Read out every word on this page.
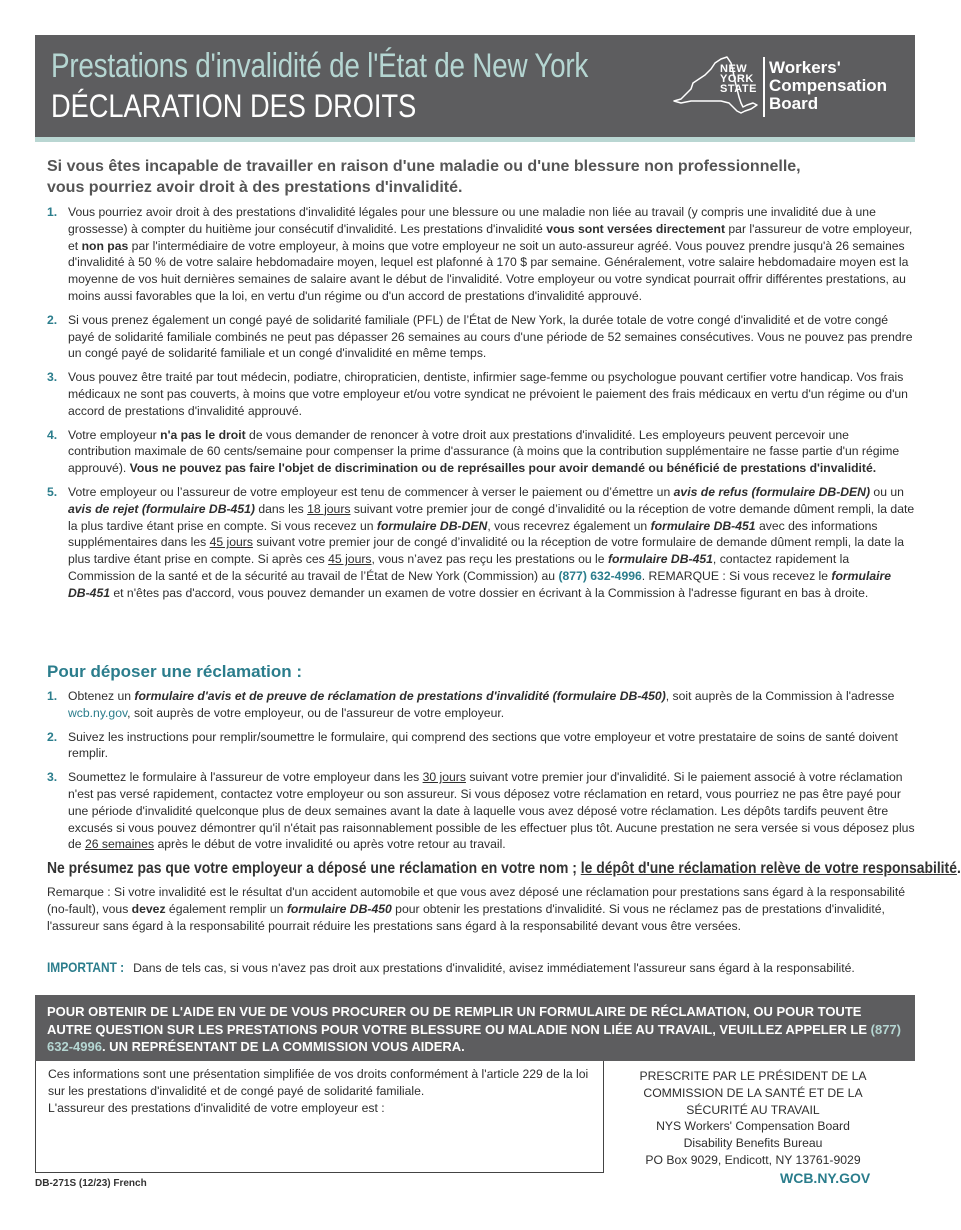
Prestations d'invalidité de l'État de New York
DÉCLARATION DES DROITS
NEW
YORK
STATE
Workers'
Compensation
Board
Si vous êtes incapable de travailler en raison d'une maladie ou d'une blessure non professionnelle,
vous pourriez avoir droit à des prestations d'invalidité.
1. Vous pourriez avoir droit à des prestations d'invalidité légales pour une blessure ou une maladie non liée au travail (y compris une invalidité due à une grossesse) à compter du huitième jour consécutif d'invalidité. Les prestations d'invalidité vous sont versées directement par l'assureur de votre employeur, et non pas par l'intermédiaire de votre employeur, à moins que votre employeur ne soit un auto-assureur agréé. Vous pouvez prendre jusqu'à 26 semaines d'invalidité à 50 % de votre salaire hebdomadaire moyen, lequel est plafonné à 170 $ par semaine. Généralement, votre salaire hebdomadaire moyen est la moyenne de vos huit dernières semaines de salaire avant le début de l'invalidité. Votre employeur ou votre syndicat pourrait offrir différentes prestations, au moins aussi favorables que la loi, en vertu d'un régime ou d'un accord de prestations d'invalidité approuvé.
2. Si vous prenez également un congé payé de solidarité familiale (PFL) de l’État de New York, la durée totale de votre congé d'invalidité et de votre congé payé de solidarité familiale combinés ne peut pas dépasser 26 semaines au cours d'une période de 52 semaines consécutives. Vous ne pouvez pas prendre un congé payé de solidarité familiale et un congé d'invalidité en même temps.
3. Vous pouvez être traité par tout médecin, podiatre, chiropraticien, dentiste, infirmier sage-femme ou psychologue pouvant certifier votre handicap. Vos frais médicaux ne sont pas couverts, à moins que votre employeur et/ou votre syndicat ne prévoient le paiement des frais médicaux en vertu d'un régime ou d'un accord de prestations d'invalidité approuvé.
4. Votre employeur n'a pas le droit de vous demander de renoncer à votre droit aux prestations d'invalidité. Les employeurs peuvent percevoir une contribution maximale de 60 cents/semaine pour compenser la prime d'assurance (à moins que la contribution supplémentaire ne fasse partie d'un régime approuvé). Vous ne pouvez pas faire l'objet de discrimination ou de représailles pour avoir demandé ou bénéficié de prestations d'invalidité.
5. Votre employeur ou l’assureur de votre employeur est tenu de commencer à verser le paiement ou d’émettre un avis de refus (formulaire DB-DEN) ou un avis de rejet (formulaire DB-451) dans les 18 jours suivant votre premier jour de congé d’invalidité ou la réception de votre demande dûment rempli, la date la plus tardive étant prise en compte. Si vous recevez un formulaire DB-DEN, vous recevrez également un formulaire DB-451 avec des informations supplémentaires dans les 45 jours suivant votre premier jour de congé d’invalidité ou la réception de votre formulaire de demande dûment rempli, la date la plus tardive étant prise en compte. Si après ces 45 jours, vous n’avez pas reçu les prestations ou le formulaire DB-451, contactez rapidement la Commission de la santé et de la sécurité au travail de l’État de New York (Commission) au (877) 632-4996. REMARQUE : Si vous recevez le formulaire DB-451 et n'êtes pas d'accord, vous pouvez demander un examen de votre dossier en écrivant à la Commission à l'adresse figurant en bas à droite.
Pour déposer une réclamation :
1. Obtenez un formulaire d'avis et de preuve de réclamation de prestations d'invalidité (formulaire DB-450), soit auprès de la Commission à l'adresse wcb.ny.gov, soit auprès de votre employeur, ou de l'assureur de votre employeur.
2. Suivez les instructions pour remplir/soumettre le formulaire, qui comprend des sections que votre employeur et votre prestataire de soins de santé doivent remplir.
3. Soumettez le formulaire à l'assureur de votre employeur dans les 30 jours suivant votre premier jour d'invalidité. Si le paiement associé à votre réclamation n'est pas versé rapidement, contactez votre employeur ou son assureur. Si vous déposez votre réclamation en retard, vous pourriez ne pas être payé pour une période d'invalidité quelconque plus de deux semaines avant la date à laquelle vous avez déposé votre réclamation. Les dépôts tardifs peuvent être excusés si vous pouvez démontrer qu'il n'était pas raisonnablement possible de les effectuer plus tôt. Aucune prestation ne sera versée si vous déposez plus de 26 semaines après le début de votre invalidité ou après votre retour au travail.
Ne présumez pas que votre employeur a déposé une réclamation en votre nom ; le dépôt d'une réclamation relève de votre responsabilité.
Remarque : Si votre invalidité est le résultat d'un accident automobile et que vous avez déposé une réclamation pour prestations sans égard à la responsabilité (no-fault), vous devez également remplir un formulaire DB-450 pour obtenir les prestations d'invalidité. Si vous ne réclamez pas de prestations d'invalidité, l'assureur sans égard à la responsabilité pourrait réduire les prestations sans égard à la responsabilité devant vous être versées.
IMPORTANT : Dans de tels cas, si vous n'avez pas droit aux prestations d'invalidité, avisez immédiatement l'assureur sans égard à la responsabilité.
POUR OBTENIR DE L'AIDE EN VUE DE VOUS PROCURER OU DE REMPLIR UN FORMULAIRE DE RÉCLAMATION, OU POUR TOUTE AUTRE QUESTION SUR LES PRESTATIONS POUR VOTRE BLESSURE OU MALADIE NON LIÉE AU TRAVAIL, VEUILLEZ APPELER LE (877) 632-4996. UN REPRÉSENTANT DE LA COMMISSION VOUS AIDERA.
Ces informations sont une présentation simplifiée de vos droits conformément à l'article 229 de la loi sur les prestations d'invalidité et de congé payé de solidarité familiale.
L'assureur des prestations d'invalidité de votre employeur est :
PRESCRITE PAR LE PRÉSIDENT DE LA
COMMISSION DE LA SANTÉ ET DE LA
SÉCURITÉ AU TRAVAIL
NYS Workers' Compensation Board
Disability Benefits Bureau
PO Box 9029, Endicott, NY 13761-9029
WCB.NY.GOV
DB-271S (12/23) French
